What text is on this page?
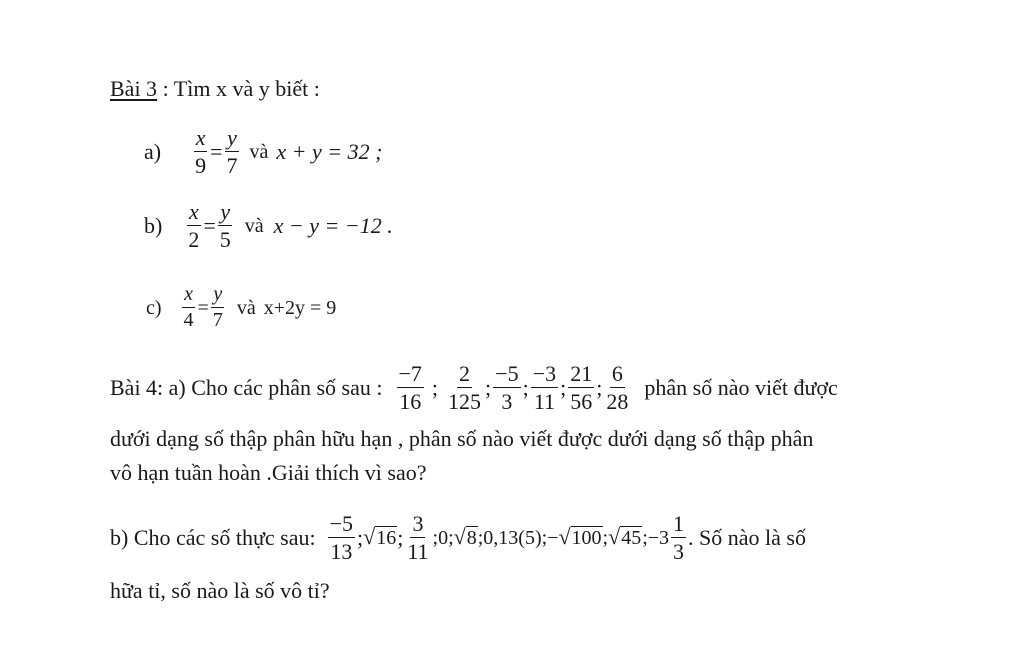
Bài 3 : Tìm x và y biết :
$a) \frac{x}{9} = \frac{y}{7}$ và x + y = 32 ;
$b) \frac{x}{2} = \frac{y}{5}$ và x − y = −12 .
$c) \frac{x}{4} = \frac{y}{7}$ và x+2y = 9
Bài 4: a) Cho các phân số sau : $\frac{-7}{16}$ ; $\frac{2}{125}$ ; $\frac{-5}{3}$ ; $\frac{-3}{11}$ ; $\frac{21}{56}$ ; $\frac{6}{28}$ phân số nào viết được
dưới dạng số thập phân hữu hạn , phân số nào viết được dưới dạng số thập phân
vô hạn tuần hoàn .Giải thích vì sao?
b) Cho các số thực sau: $\frac{-5}{13}$ ; √ 16 ; $\frac{3}{11}$ ;0; √ 8 ;0,13(5); − √ 100 ; √ 45 ; $-3 \frac{1}{3}$ . Số nào là số
hữa tỉ, số nào là số vô tỉ?
